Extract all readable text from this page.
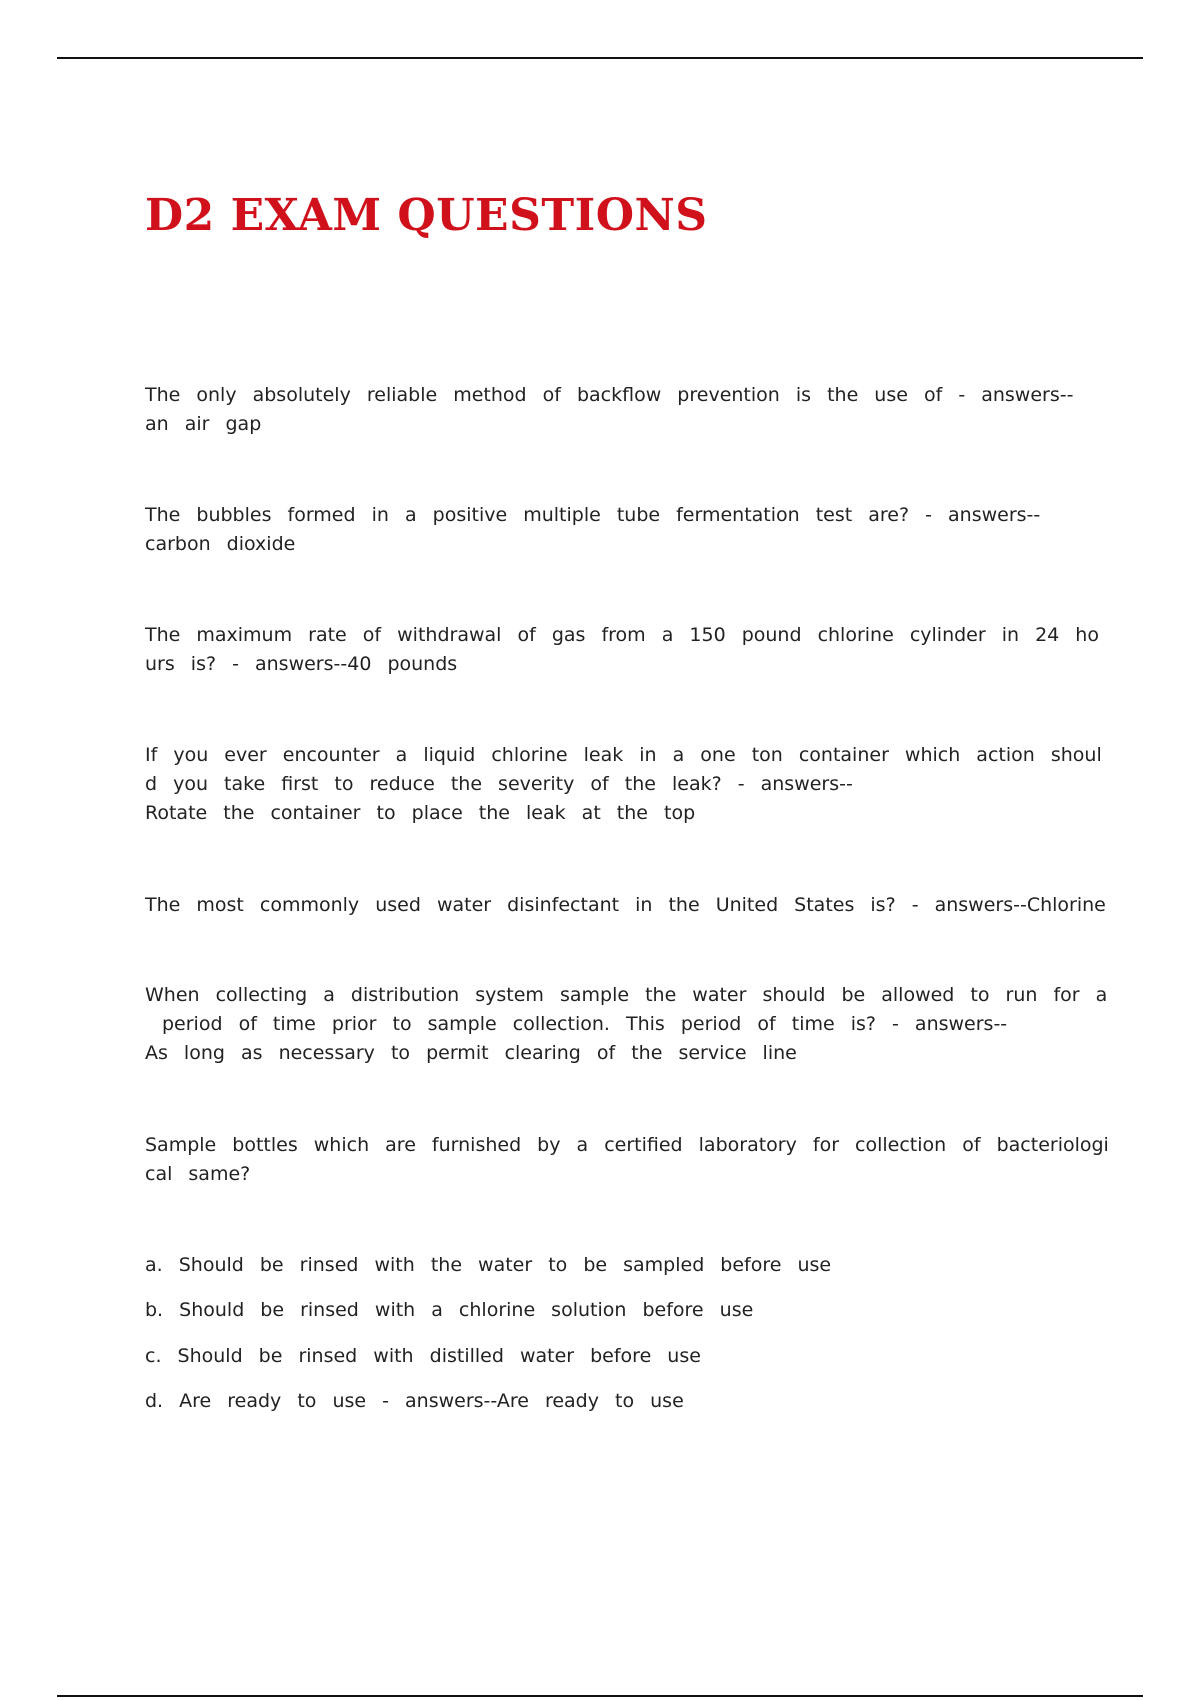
D2 EXAM QUESTIONS

The only absolutely reliable method of backflow prevention is the use of - answers--
an air gap

The bubbles formed in a positive multiple tube fermentation test are? - answers--
carbon dioxide

The maximum rate of withdrawal of gas from a 150 pound chlorine cylinder in 24 ho
urs is? - answers--40 pounds

If you ever encounter a liquid chlorine leak in a one ton container which action shoul
d you take first to reduce the severity of the leak? - answers--
Rotate the container to place the leak at the top

The most commonly used water disinfectant in the United States is? - answers--Chlorine

When collecting a distribution system sample the water should be allowed to run for a
period of time prior to sample collection. This period of time is? - answers--
As long as necessary to permit clearing of the service line

Sample bottles which are furnished by a certified laboratory for collection of bacteriologi
cal same?

a. Should be rinsed with the water to be sampled before use

b. Should be rinsed with a chlorine solution before use

c. Should be rinsed with distilled water before use

d. Are ready to use - answers--Are ready to use
